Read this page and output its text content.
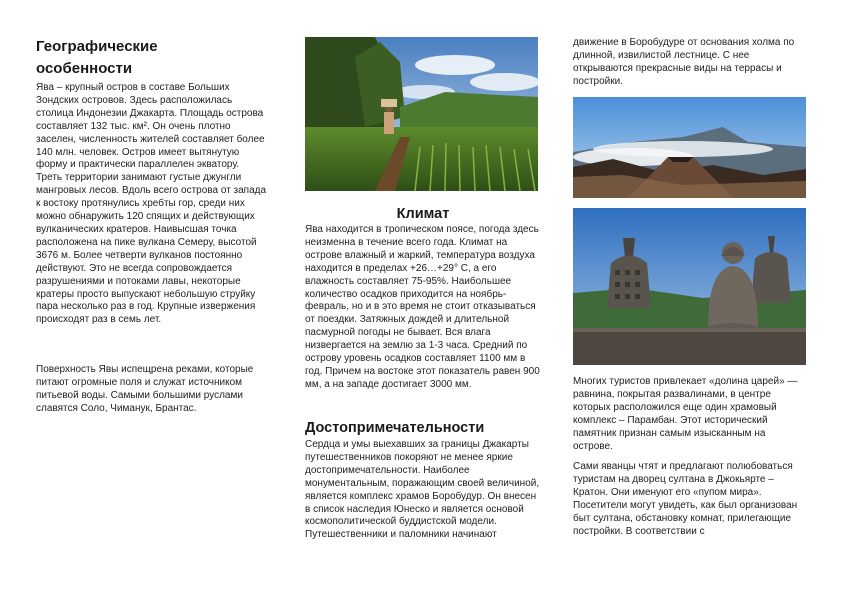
Географические особенности

Ява – крупный остров в составе Больших Зондских островов. Здесь расположилась столица Индонезии Джакарта. Площадь острова составляет 132 тыс. км². Он очень плотно заселен, численность жителей составляет более 140 млн. человек. Остров имеет вытянутую форму и практически параллелен экватору. Треть территории занимают густые джунгли мангровых лесов. Вдоль всего острова от запада к востоку протянулись хребты гор, среди них можно обнаружить 120 спящих и действующих вулканических кратеров. Наивысшая точка расположена на пике вулкана Семеру, высотой 3676 м. Более четверти вулканов постоянно действуют. Это не всегда сопровождается разрушениями и потоками лавы, некоторые кратеры просто выпускают небольшую струйку пара несколько раз в год. Крупные извержения происходят раз в семь лет.

Поверхность Явы испещрена реками, которые питают огромные поля и служат источником питьевой воды. Самыми большими руслами славятся Соло, Чиманук, Брантас.

Климат

Ява находится в тропическом поясе, погода здесь неизменна в течение всего года. Климат на острове влажный и жаркий, температура воздуха находится в пределах +26…+29° С, а его влажность составляет 75-95%. Наибольшее количество осадков приходится на ноябрь-февраль, но и в это время не стоит отказываться от поездки. Затяжных дождей и длительной пасмурной погоды не бывает. Вся влага низвергается на землю за 1-3 часа. Средний по острову уровень осадков составляет 1100 мм в год. Причем на востоке этот показатель равен 900 мм, а на западе достигает 3000 мм.

Достопримечательности

Сердца и умы выехавших за границы Джакарты путешественников покоряют не менее яркие достопримечательности. Наиболее монументальным, поражающим своей величиной, является комплекс храмов Боробудур. Он внесен в список наследия Юнеско и является основой космополитической буддистской модели. Путешественники и паломники начинают

движение в Боробудуре от основания холма по длинной, извилистой лестнице. С нее открываются прекрасные виды на террасы и постройки.

Многих туристов привлекает «долина царей» — равнина, покрытая развалинами, в центре которых расположился еще один храмовый комплекс – Парамбан. Этот исторический памятник признан самым изысканным на острове.

Сами яванцы чтят и предлагают полюбоваться туристам на дворец султана в Джокьярте – Кратон. Они именуют его «пупом мира». Посетители могут увидеть, как был организован быт султана, обстановку комнат, прилегающие постройки. В соответствии с
